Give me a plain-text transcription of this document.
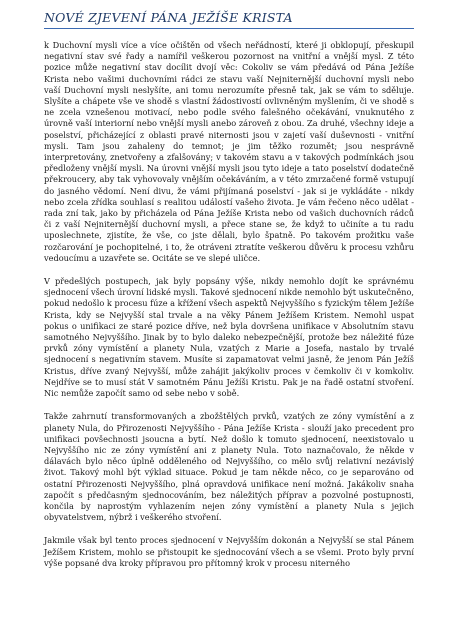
NOVÉ ZJEVENÍ PÁNA JEŽÍŠE KRISTA

k Duchovní mysli více a více očištěn od všech neřádností, které ji obklopují, přeskupil negativní stav své řady a namířil veškerou pozornost na vnitřní a vnější mysl. Z této pozice může negativní stav docílit dvojí věc: Cokoliv se vám předává od Pána Ježíše Krista nebo vašimi duchovními rádci ze stavu vaší Nejniternější duchovní mysli nebo vaší Duchovní mysli neslyšíte, ani tomu nerozumíte přesně tak, jak se vám to sděluje. Slyšíte a chápete vše ve shodě s vlastní žádostivostí ovlivněným myšlením, či ve shodě s ne zcela vznešenou motivací, nebo podle svého falešného očekávání, vnuknutého z úrovně vaší interiorní nebo vnější mysli anebo zároveň z obou. Za druhé, všechny ideje a poselství, přicházející z oblasti pravé niternosti jsou v zajetí vaší duševnosti - vnitřní mysli. Tam jsou zahaleny do temnot; je jim těžko rozumět; jsou nesprávně interpretovány, znetvořeny a zfalšovány; v takovém stavu a v takových podmínkách jsou předloženy vnější mysli. Na úrovni vnější mysli jsou tyto ideje a tato poselství dodatečně překroucery, aby tak vyhovovaly vnějším očekáváním, a v této zmrzačené formě vstupují do jasného vědomí. Není divu, že vámi přijímaná poselství - jak si je vykládáte - nikdy nebo zcela zřídka souhlasí s realitou událostí vašeho života. Je vám řečeno něco udělat - rada zní tak, jako by přicházela od Pána Ježíše Krista nebo od vašich duchovních rádců či z vaší Nejniternější duchovní mysli, a přece stane se, že když to učiníte a tu radu uposlechnete, zjistíte, že vše, co jste dělali, bylo špatně. Po takovém prožitku vaše rozčarování je pochopitelné, i to, že otráveni ztratíte veškerou důvěru k procesu vzhůru vedoucímu a uzavřete se. Ocitáte se ve slepé uličce.

V předešlých postupech, jak byly popsány výše, nikdy nemohlo dojít ke správnému sjednocení všech úrovní lidské mysli. Takové sjednocení nikde nemohlo být uskutečněno, pokud nedošlo k procesu fúze a křížení všech aspektů Nejvyššího s fyzickým tělem Ježíše Krista, kdy se Nejvyšší stal trvale a na věky Pánem Ježíšem Kristem. Nemohl uspat pokus o unifikaci ze staré pozice dříve, než byla dovršena unifikace v Absolutním stavu samotného Nejvyššího. Jinak by to bylo daleko nebezpečnější, protože bez náležité fúze prvků zóny vymístění a planety Nula, vzatých z Marie a Josefa, nastalo by trvalé sjednocení s negativním stavem. Musíte si zapamatovat velmi jasně, že jenom Pán Ježíš Kristus, dříve zvaný Nejvyšší, může zahájit jakýkoliv proces v čemkoliv či v komkoliv. Nejdříve se to musí stát V samotném Pánu Ježíši Kristu. Pak je na řadě ostatní stvoření. Nic nemůže započít samo od sebe nebo v sobě.

Takže zahrnutí transformovaných a zbožštělých prvků, vzatých ze zóny vymístění a z planety Nula, do Přirozenosti Nejvyššího - Pána Ježíše Krista - slouží jako precedent pro unifikaci povšechnosti jsoucna a bytí. Než došlo k tomuto sjednocení, neexistovalo u Nejvyššího nic ze zóny vymístění ani z planety Nula. Toto naznačovalo, že někde v dálavách bylo něco úplně odděleného od Nejvyššího, co mělo svůj relativní nezávislý život. Takový mohl být výklad situace. Pokud je tam někde něco, co je separováno od ostatní Přirozenosti Nejvyššího, plná opravdová unifikace není možná. Jakákoliv snaha započít s předčasným sjednocováním, bez náležitých příprav a pozvolné postupnosti, končila by naprostým vyhlazením nejen zóny vymístění a planety Nula s jejich obyvatelstvem, nýbrž i veškerého stvoření.

Jakmile však byl tento proces sjednocení v Nejvyšším dokonán a Nejvyšší se stal Pánem Ježíšem Kristem, mohlo se přistoupit ke sjednocování všech a se všemi. Proto byly první výše popsané dva kroky přípravou pro přítomný krok v procesu niterného
